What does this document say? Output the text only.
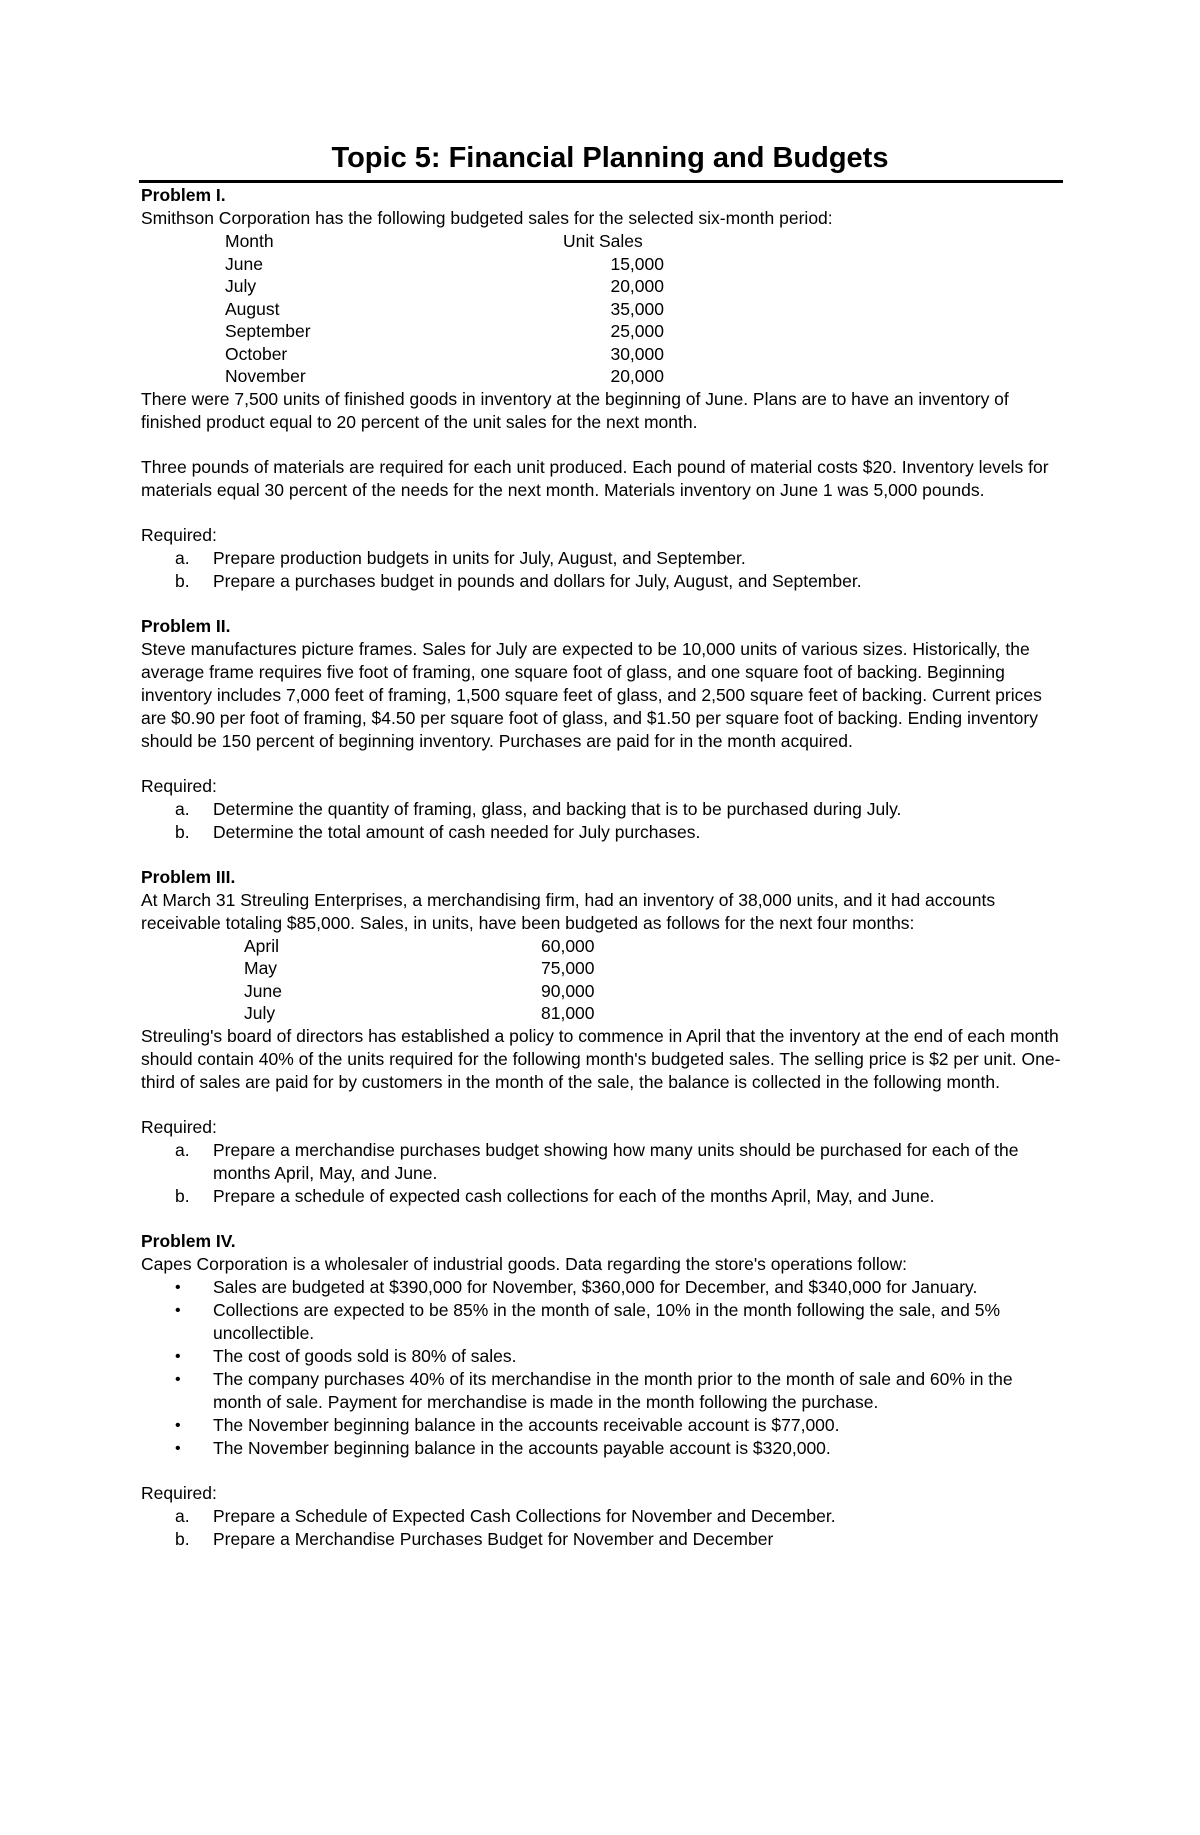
Topic 5: Financial Planning and Budgets

Problem I.

Smithson Corporation has the following budgeted sales for the selected six-month period:

Month	Unit Sales
June	15,000
July	20,000
August	35,000
September	25,000
October	30,000
November	20,000

There were 7,500 units of finished goods in inventory at the beginning of June. Plans are to have an inventory of finished product equal to 20 percent of the unit sales for the next month.

Three pounds of materials are required for each unit produced. Each pound of material costs $20. Inventory levels for materials equal 30 percent of the needs for the next month. Materials inventory on June 1 was 5,000 pounds.

Required:

a. Prepare production budgets in units for July, August, and September.
b. Prepare a purchases budget in pounds and dollars for July, August, and September.

Problem II.

Steve manufactures picture frames. Sales for July are expected to be 10,000 units of various sizes. Historically, the average frame requires five foot of framing, one square foot of glass, and one square foot of backing. Beginning inventory includes 7,000 feet of framing, 1,500 square feet of glass, and 2,500 square feet of backing. Current prices are $0.90 per foot of framing, $4.50 per square foot of glass, and $1.50 per square foot of backing. Ending inventory should be 150 percent of beginning inventory. Purchases are paid for in the month acquired.

Required:

a. Determine the quantity of framing, glass, and backing that is to be purchased during July.
b. Determine the total amount of cash needed for July purchases.

Problem III.

At March 31 Streuling Enterprises, a merchandising firm, had an inventory of 38,000 units, and it had accounts receivable totaling $85,000. Sales, in units, have been budgeted as follows for the next four months:

April	60,000
May	75,000
June	90,000
July	81,000

Streuling's board of directors has established a policy to commence in April that the inventory at the end of each month should contain 40% of the units required for the following month's budgeted sales. The selling price is $2 per unit. One-third of sales are paid for by customers in the month of the sale, the balance is collected in the following month.

Required:

a. Prepare a merchandise purchases budget showing how many units should be purchased for each of the months April, May, and June.
b. Prepare a schedule of expected cash collections for each of the months April, May, and June.

Problem IV.

Capes Corporation is a wholesaler of industrial goods. Data regarding the store's operations follow:

• Sales are budgeted at $390,000 for November, $360,000 for December, and $340,000 for January.
• Collections are expected to be 85% in the month of sale, 10% in the month following the sale, and 5% uncollectible.
• The cost of goods sold is 80% of sales.
• The company purchases 40% of its merchandise in the month prior to the month of sale and 60% in the month of sale. Payment for merchandise is made in the month following the purchase.
• The November beginning balance in the accounts receivable account is $77,000.
• The November beginning balance in the accounts payable account is $320,000.

Required:

a. Prepare a Schedule of Expected Cash Collections for November and December.
b. Prepare a Merchandise Purchases Budget for November and December
